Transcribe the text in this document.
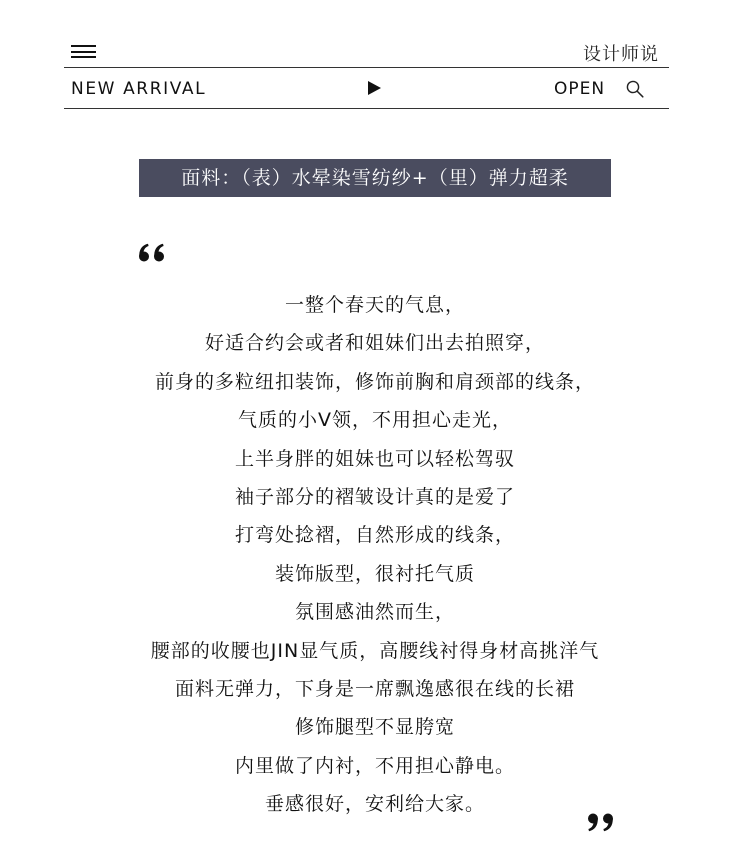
设计师说
NEW ARRIVAL	OPEN
面料：（表）水晕染雪纺纱+（里）弹力超柔
一整个春天的气息，
好适合约会或者和姐妹们出去拍照穿，
前身的多粒纽扣装饰，修饰前胸和肩颈部的线条，
气质的小V领，不用担心走光，
上半身胖的姐妹也可以轻松驾驭
袖子部分的褶皱设计真的是爱了
打弯处捻褶，自然形成的线条，
装饰版型，很衬托气质
氛围感油然而生，
腰部的收腰也JIN显气质，高腰线衬得身材高挑洋气
面料无弹力，下身是一席飘逸感很在线的长裙
修饰腿型不显胯宽
内里做了内衬，不用担心静电。
垂感很好，安利给大家。
